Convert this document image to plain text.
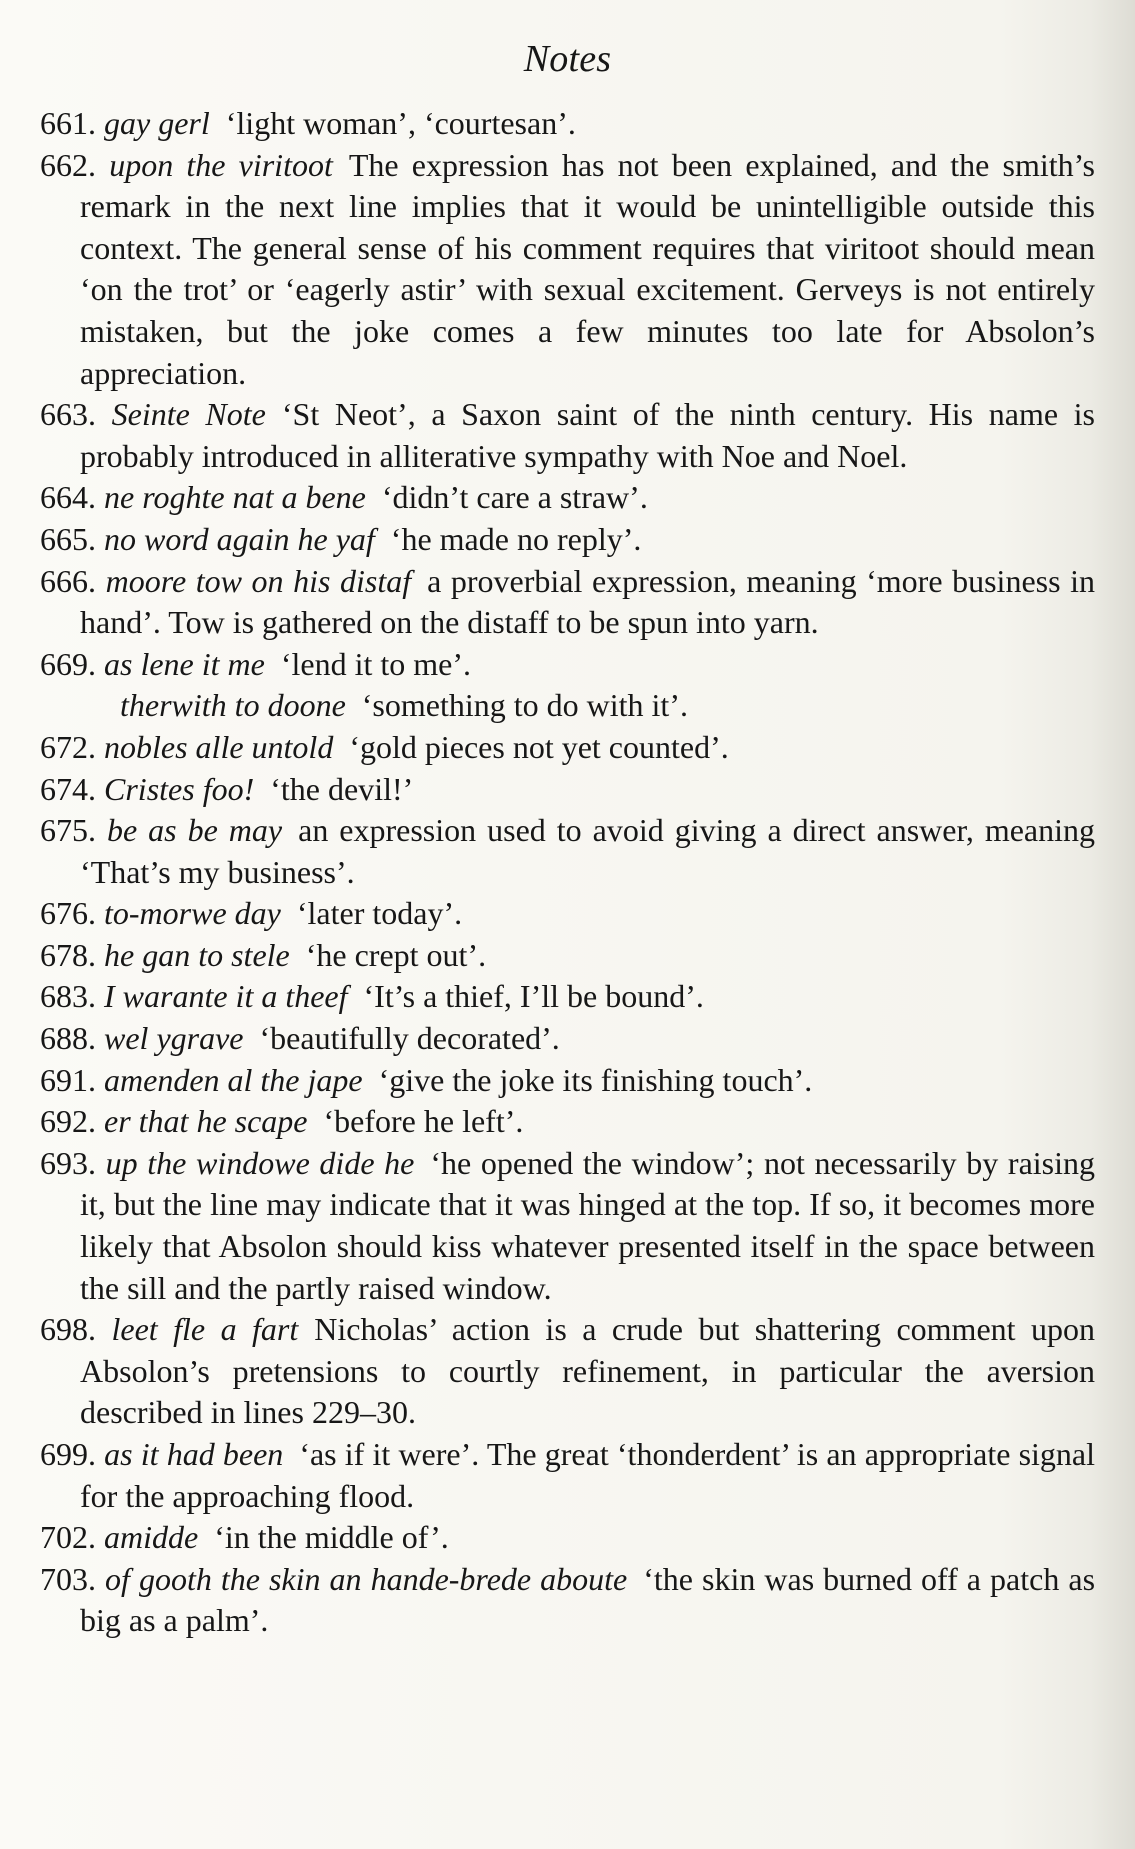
Notes

661. gay gerl  ‘light woman’, ‘courtesan’.

662. upon the viritoot  The expression has not been explained, and the smith’s remark in the next line implies that it would be unintelligible outside this context. The general sense of his comment requires that viritoot should mean ‘on the trot’ or ‘eagerly astir’ with sexual excitement. Gerveys is not entirely mistaken, but the joke comes a few minutes too late for Absolon’s appreciation.

663. Seinte Note  ‘St Neot’, a Saxon saint of the ninth century. His name is probably introduced in alliterative sympathy with Noe and Noel.

664. ne roghte nat a bene  ‘didn’t care a straw’.

665. no word again he yaf  ‘he made no reply’.

666. moore tow on his distaf  a proverbial expression, meaning ‘more business in hand’. Tow is gathered on the distaff to be spun into yarn.

669. as lene it me  ‘lend it to me’.

therwith to doone  ‘something to do with it’.

672. nobles alle untold  ‘gold pieces not yet counted’.

674. Cristes foo!  ‘the devil!’

675. be as be may  an expression used to avoid giving a direct answer, meaning ‘That’s my business’.

676. to-morwe day  ‘later today’.

678. he gan to stele  ‘he crept out’.

683. I warante it a theef  ‘It’s a thief, I’ll be bound’.

688. wel ygrave  ‘beautifully decorated’.

691. amenden al the jape  ‘give the joke its finishing touch’.

692. er that he scape  ‘before he left’.

693. up the windowe dide he  ‘he opened the window’; not necessarily by raising it, but the line may indicate that it was hinged at the top. If so, it becomes more likely that Absolon should kiss whatever presented itself in the space between the sill and the partly raised window.

698. leet fle a fart  Nicholas’ action is a crude but shattering comment upon Absolon’s pretensions to courtly refinement, in particular the aversion described in lines 229–30.

699. as it had been  ‘as if it were’. The great ‘thonderdent’ is an appropriate signal for the approaching flood.

702. amidde  ‘in the middle of’.

703. of gooth the skin an hande-brede aboute  ‘the skin was burned off a patch as big as a palm’.
